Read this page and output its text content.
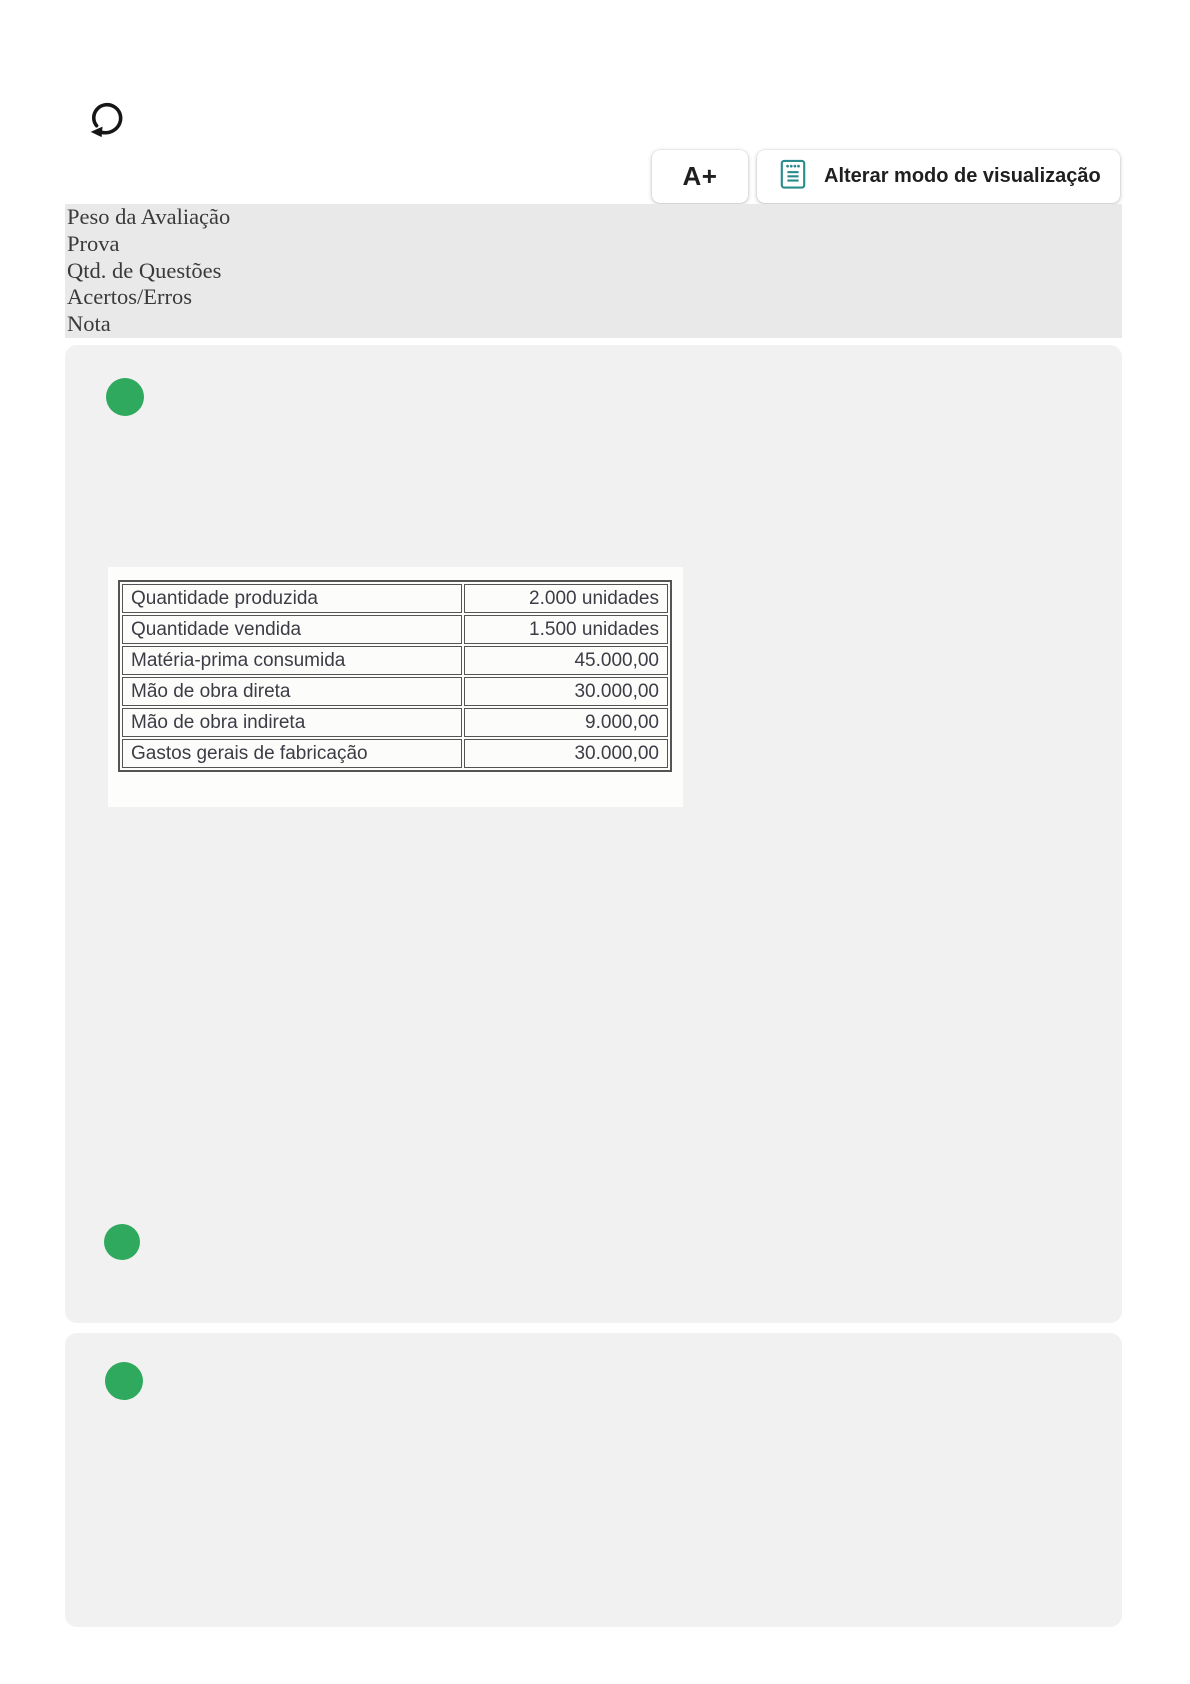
A+	Alterar modo de visualização
Peso da Avaliação
Prova
Qtd. de Questões
Acertos/Erros
Nota
Quantidade produzida	2.000 unidades
Quantidade vendida	1.500 unidades
Matéria-prima consumida	45.000,00
Mão de obra direta	30.000,00
Mão de obra indireta	9.000,00
Gastos gerais de fabricação	30.000,00
